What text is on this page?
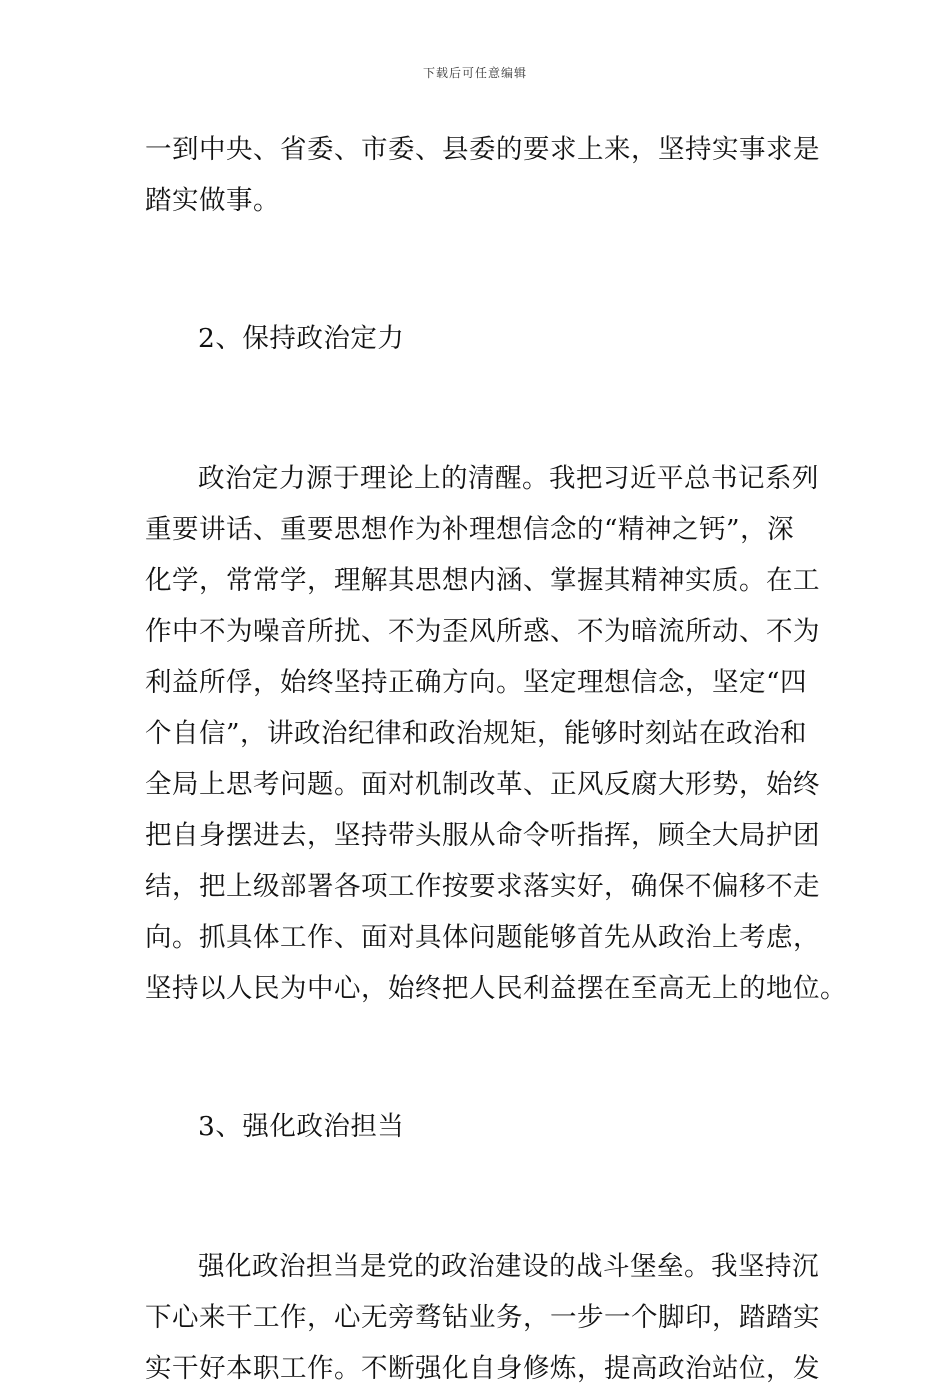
下载后可任意编辑
一到中央、省委、市委、县委的要求上来，坚持实事求是
踏实做事。
2、保持政治定力
政治定力源于理论上的清醒。我把习近平总书记系列
重要讲话、重要思想作为补理想信念的“精神之钙”，深
化学，常常学，理解其思想内涵、掌握其精神实质。在工
作中不为噪音所扰、不为歪风所惑、不为暗流所动、不为
利益所俘，始终坚持正确方向。坚定理想信念，坚定“四
个自信”，讲政治纪律和政治规矩，能够时刻站在政治和
全局上思考问题。面对机制改革、正风反腐大形势，始终
把自身摆进去，坚持带头服从命令听指挥，顾全大局护团
结，把上级部署各项工作按要求落实好，确保不偏移不走
向。抓具体工作、面对具体问题能够首先从政治上考虑，
坚持以人民为中心，始终把人民利益摆在至高无上的地位。
3、强化政治担当
强化政治担当是党的政治建设的战斗堡垒。我坚持沉
下心来干工作，心无旁骛钻业务，一步一个脚印，踏踏实
实干好本职工作。不断强化自身修炼，提高政治站位，发
